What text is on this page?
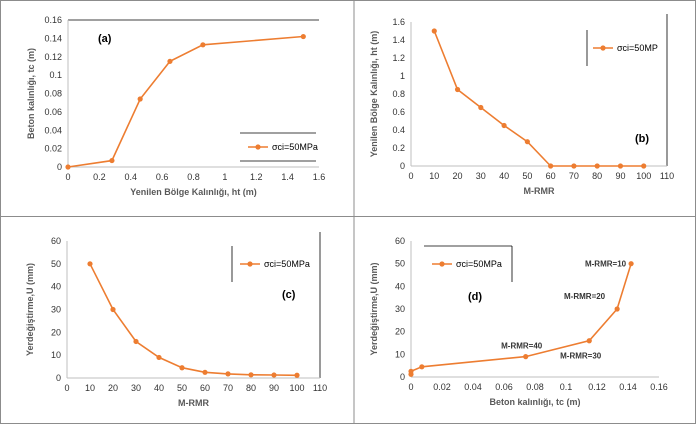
0	0.2 0.4 0.6 0.8	1	1.2 1.4 1.6
0
0.02
0.04
0.06
0.08
0.1
0.12
0.14
0.16
Yenilen Bölge Kalınlığı, ht (m)
Beton kalınlığı, tc (m)
σci=50MPa
(a)
0 10 20 30 40 50 60 70 80 90 100 110
0
0.2
0.4
0.6
0.8
1
1.2
1.4
1.6
M-RMR
Yenilen Bölge Kalınlığı, ht (m)	σci=50MP
(b)
0 10 20 30 40 50 60 70 80 90 100 110
0
10
20
30
40
50
60
M-RMR
Yerdeğiştirme,U (mm)	σci=50MPa
(c)
0 0.02 0.04 0.06 0.08 0.1 0.12 0.14 0.16
0
10
20
30
40
50
60
Beton kalınlığı, tc (m)
Yerdeğiştirme,U (mm)	σci=50MPa
(d)
M-RMR=10
M-RMR=20
M-RMR=40
M-RMR=30
